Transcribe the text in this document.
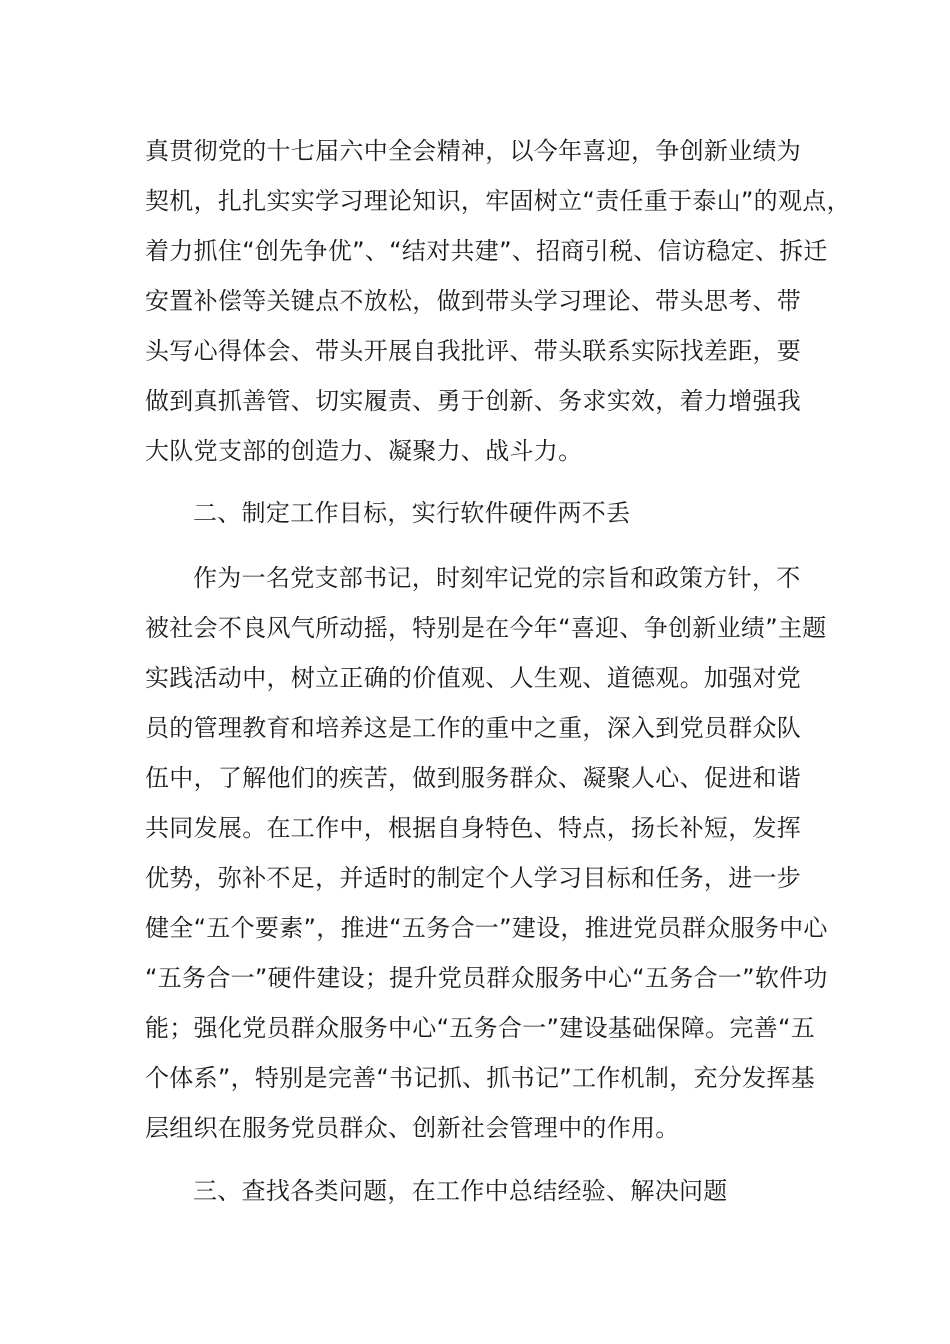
真贯彻党的十七届六中全会精神，以今年喜迎，争创新业绩为
契机，扎扎实实学习理论知识，牢固树立“责任重于泰山”的观点，
着力抓住“创先争优”、“结对共建”、招商引税、信访稳定、拆迁
安置补偿等关键点不放松，做到带头学习理论、带头思考、带
头写心得体会、带头开展自我批评、带头联系实际找差距，要
做到真抓善管、切实履责、勇于创新、务求实效，着力增强我
大队党支部的创造力、凝聚力、战斗力。
二、制定工作目标，实行软件硬件两不丢
作为一名党支部书记，时刻牢记党的宗旨和政策方针，不
被社会不良风气所动摇，特别是在今年“喜迎、争创新业绩”主题
实践活动中，树立正确的价值观、人生观、道德观。加强对党
员的管理教育和培养这是工作的重中之重，深入到党员群众队
伍中，了解他们的疾苦，做到服务群众、凝聚人心、促进和谐
共同发展。在工作中，根据自身特色、特点，扬长补短，发挥
优势，弥补不足，并适时的制定个人学习目标和任务，进一步
健全“五个要素”，推进“五务合一”建设，推进党员群众服务中心
“五务合一”硬件建设；提升党员群众服务中心“五务合一”软件功
能；强化党员群众服务中心“五务合一”建设基础保障。完善“五
个体系”，特别是完善“书记抓、抓书记”工作机制，充分发挥基
层组织在服务党员群众、创新社会管理中的作用。
三、查找各类问题，在工作中总结经验、解决问题
